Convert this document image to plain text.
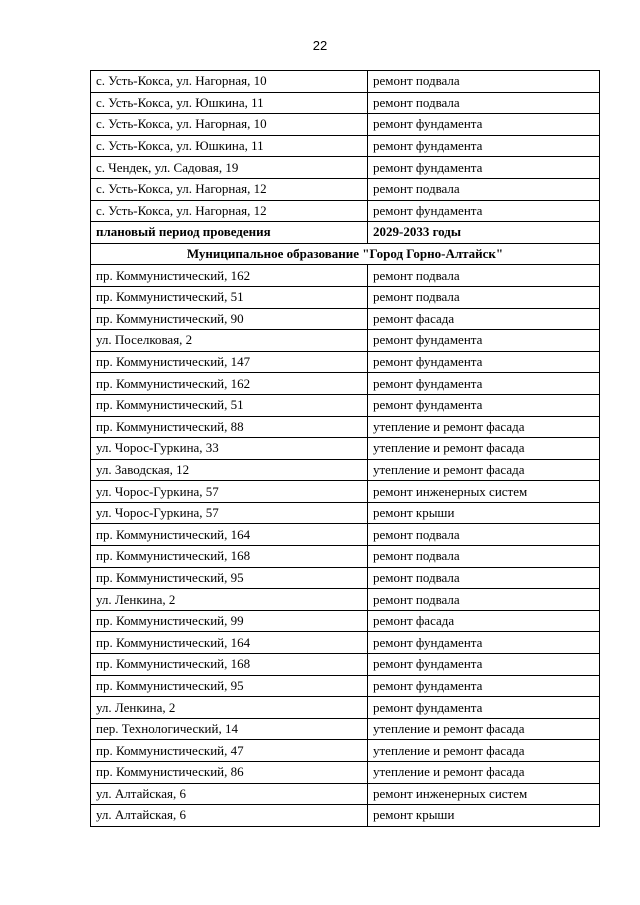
22
с. Усть-Кокса, ул. Нагорная, 10	ремонт подвала
с. Усть-Кокса, ул. Юшкина, 11	ремонт подвала
с. Усть-Кокса, ул. Нагорная, 10	ремонт фундамента
с. Усть-Кокса, ул. Юшкина, 11	ремонт фундамента
с. Чендек, ул. Садовая, 19	ремонт фундамента
с. Усть-Кокса, ул. Нагорная, 12	ремонт подвала
с. Усть-Кокса, ул. Нагорная, 12	ремонт фундамента
плановый период проведения	2029-2033 годы
Муниципальное образование "Город Горно-Алтайск"	
пр. Коммунистический, 162	ремонт подвала
пр. Коммунистический, 51	ремонт подвала
пр. Коммунистический, 90	ремонт фасада
ул. Поселковая, 2	ремонт фундамента
пр. Коммунистический, 147	ремонт фундамента
пр. Коммунистический, 162	ремонт фундамента
пр. Коммунистический, 51	ремонт фундамента
пр. Коммунистический, 88	утепление и ремонт фасада
ул. Чорос-Гуркина, 33	утепление и ремонт фасада
ул. Заводская, 12	утепление и ремонт фасада
ул. Чорос-Гуркина, 57	ремонт инженерных систем
ул. Чорос-Гуркина, 57	ремонт крыши
пр. Коммунистический, 164	ремонт подвала
пр. Коммунистический, 168	ремонт подвала
пр. Коммунистический, 95	ремонт подвала
ул. Ленкина, 2	ремонт подвала
пр. Коммунистический, 99	ремонт фасада
пр. Коммунистический, 164	ремонт фундамента
пр. Коммунистический, 168	ремонт фундамента
пр. Коммунистический, 95	ремонт фундамента
ул. Ленкина, 2	ремонт фундамента
пер. Технологический, 14	утепление и ремонт фасада
пр. Коммунистический, 47	утепление и ремонт фасада
пр. Коммунистический, 86	утепление и ремонт фасада
ул. Алтайская, 6	ремонт инженерных систем
ул. Алтайская, 6	ремонт крыши
